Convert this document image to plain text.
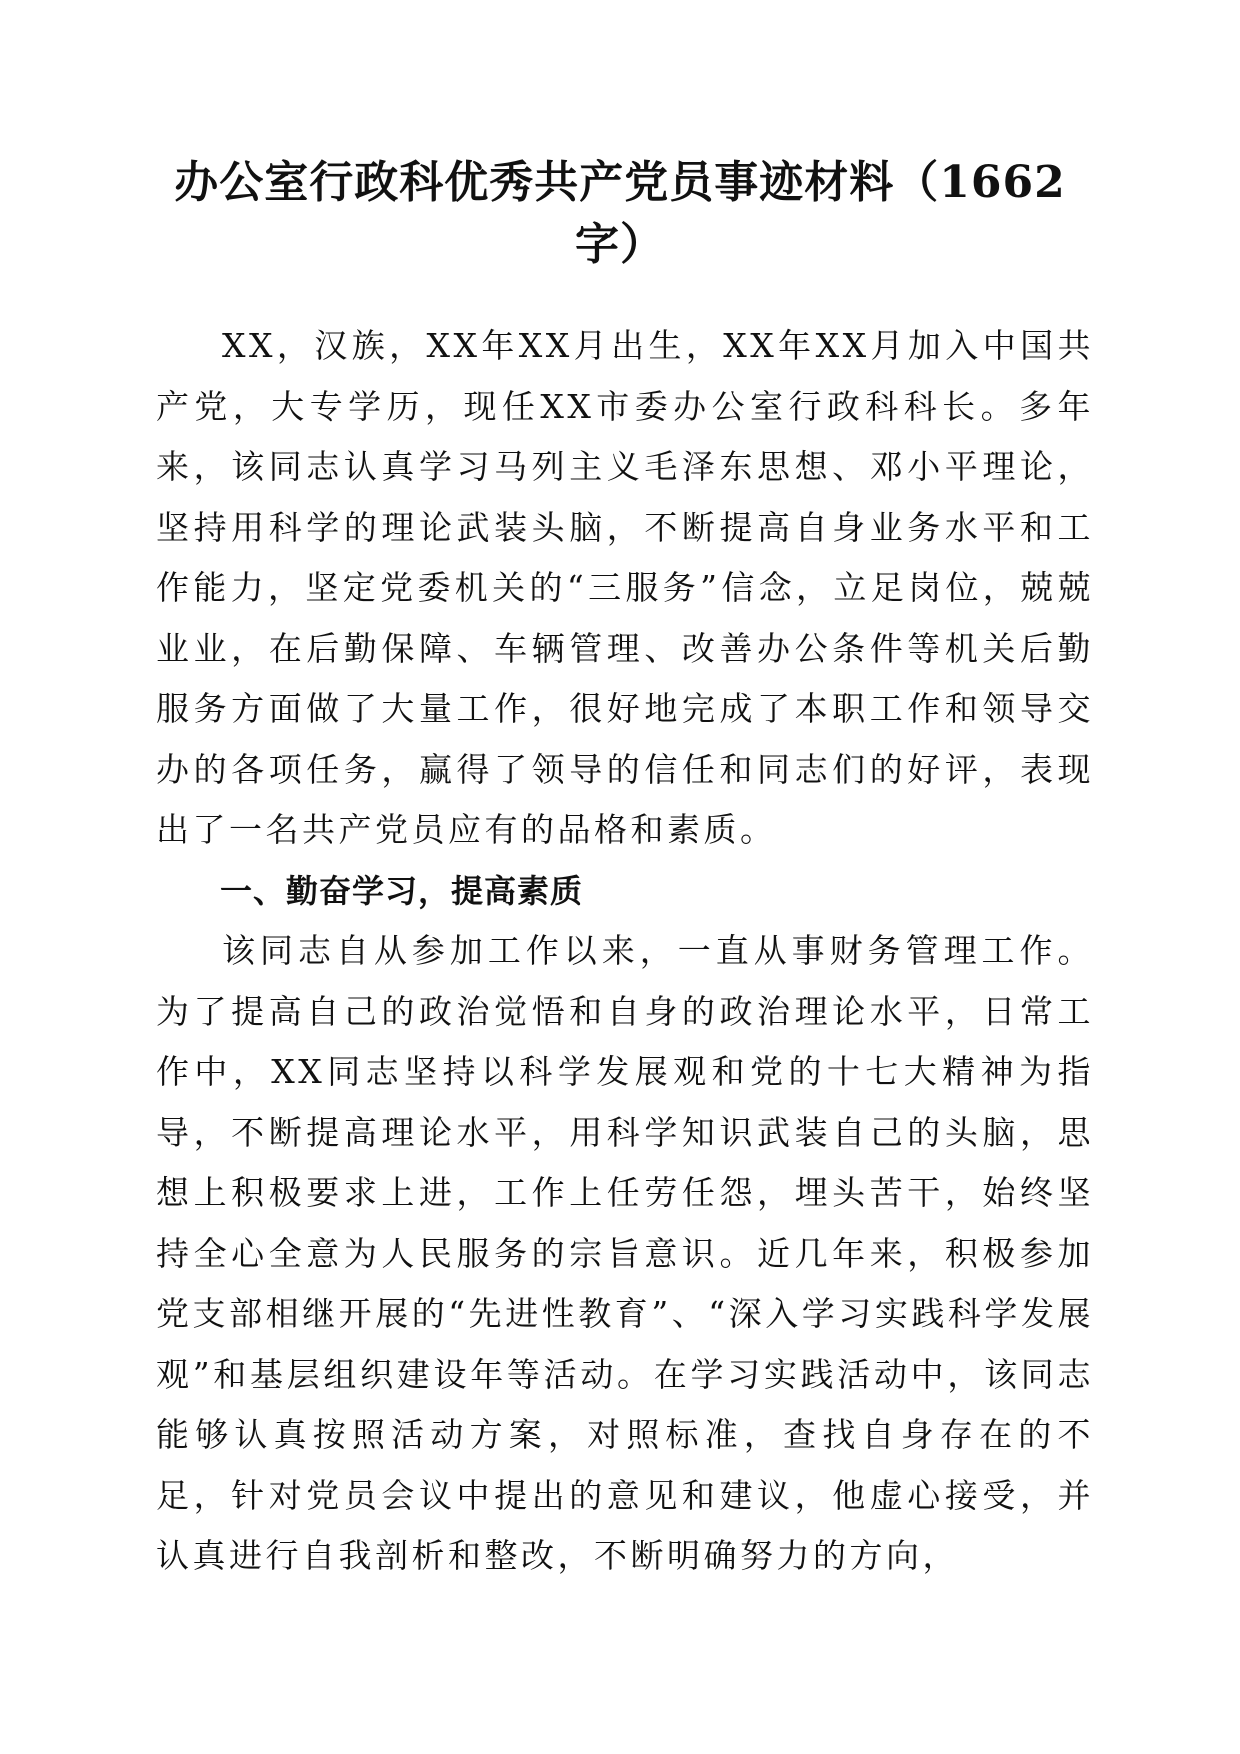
办公室行政科优秀共产党员事迹材料（1662字）

XX，汉族，XX年XX月出生，XX年XX月加入中国共产党，大专学历，现任XX市委办公室行政科科长。多年来，该同志认真学习马列主义毛泽东思想、邓小平理论，坚持用科学的理论武装头脑，不断提高自身业务水平和工作能力，坚定党委机关的“三服务”信念，立足岗位，兢兢业业，在后勤保障、车辆管理、改善办公条件等机关后勤服务方面做了大量工作，很好地完成了本职工作和领导交办的各项任务，赢得了领导的信任和同志们的好评，表现出了一名共产党员应有的品格和素质。

一、勤奋学习，提高素质

该同志自从参加工作以来，一直从事财务管理工作。为了提高自己的政治觉悟和自身的政治理论水平，日常工作中，XX同志坚持以科学发展观和党的十七大精神为指导，不断提高理论水平，用科学知识武装自己的头脑，思想上积极要求上进，工作上任劳任怨，埋头苦干，始终坚持全心全意为人民服务的宗旨意识。近几年来，积极参加党支部相继开展的“先进性教育”、“深入学习实践科学发展观”和基层组织建设年等活动。在学习实践活动中，该同志能够认真按照活动方案，对照标准，查找自身存在的不足，针对党员会议中提出的意见和建议，他虚心接受，并认真进行自我剖析和整改，不断明确努力的方向，
